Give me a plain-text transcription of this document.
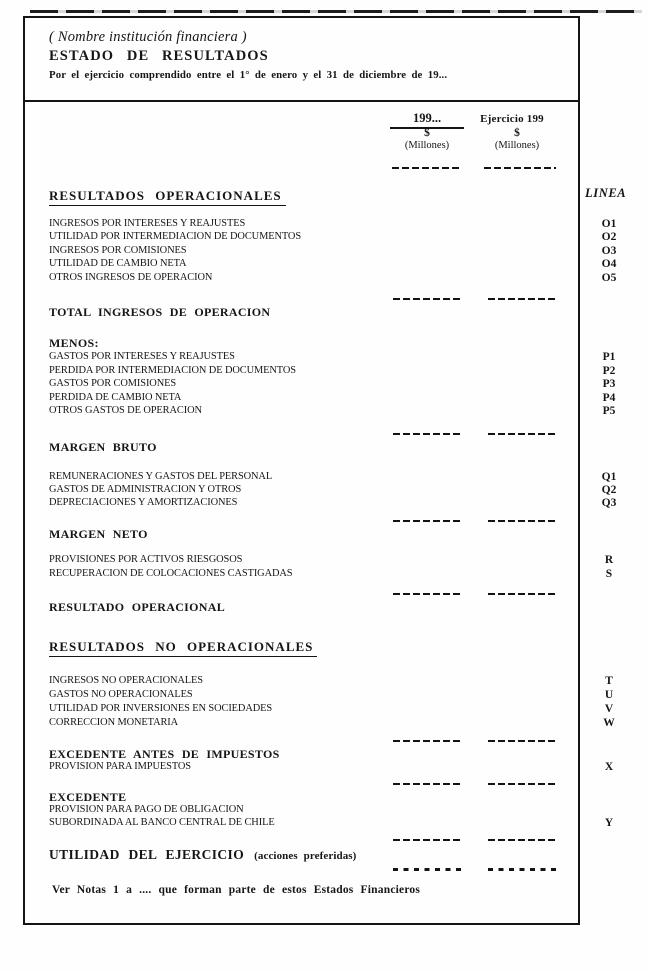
( Nombre institución financiera )
ESTADO DE RESULTADOS
Por el ejercicio comprendido entre el 1° de enero y el 31 de diciembre de 19...
199...	Ejercicio 199
$	$
(Millones)	(Millones)
LINEA
RESULTADOS OPERACIONALES
INGRESOS POR INTERESES Y REAJUSTES	O1
UTILIDAD POR INTERMEDIACION DE DOCUMENTOS	O2
INGRESOS POR COMISIONES	O3
UTILIDAD DE CAMBIO NETA	O4
OTROS INGRESOS DE OPERACION	O5
TOTAL INGRESOS DE OPERACION
MENOS:
GASTOS POR INTERESES Y REAJUSTES	P1
PERDIDA POR INTERMEDIACION DE DOCUMENTOS	P2
GASTOS POR COMISIONES	P3
PERDIDA DE CAMBIO NETA	P4
OTROS GASTOS DE OPERACION	P5
MARGEN BRUTO
REMUNERACIONES Y GASTOS DEL PERSONAL	Q1
GASTOS DE ADMINISTRACION Y OTROS	Q2
DEPRECIACIONES Y AMORTIZACIONES	Q3
MARGEN NETO
PROVISIONES POR ACTIVOS RIESGOSOS	R
RECUPERACION DE COLOCACIONES CASTIGADAS	S
RESULTADO OPERACIONAL
RESULTADOS NO OPERACIONALES
INGRESOS NO OPERACIONALES	T
GASTOS NO OPERACIONALES	U
UTILIDAD POR INVERSIONES EN SOCIEDADES	V
CORRECCION MONETARIA	W
EXCEDENTE ANTES DE IMPUESTOS
PROVISION PARA IMPUESTOS	X
EXCEDENTE
PROVISION PARA PAGO DE OBLIGACION
SUBORDINADA AL BANCO CENTRAL DE CHILE	Y
UTILIDAD DEL EJERCICIO (acciones preferidas)
Ver Notas 1 a .... que forman parte de estos Estados Financieros
